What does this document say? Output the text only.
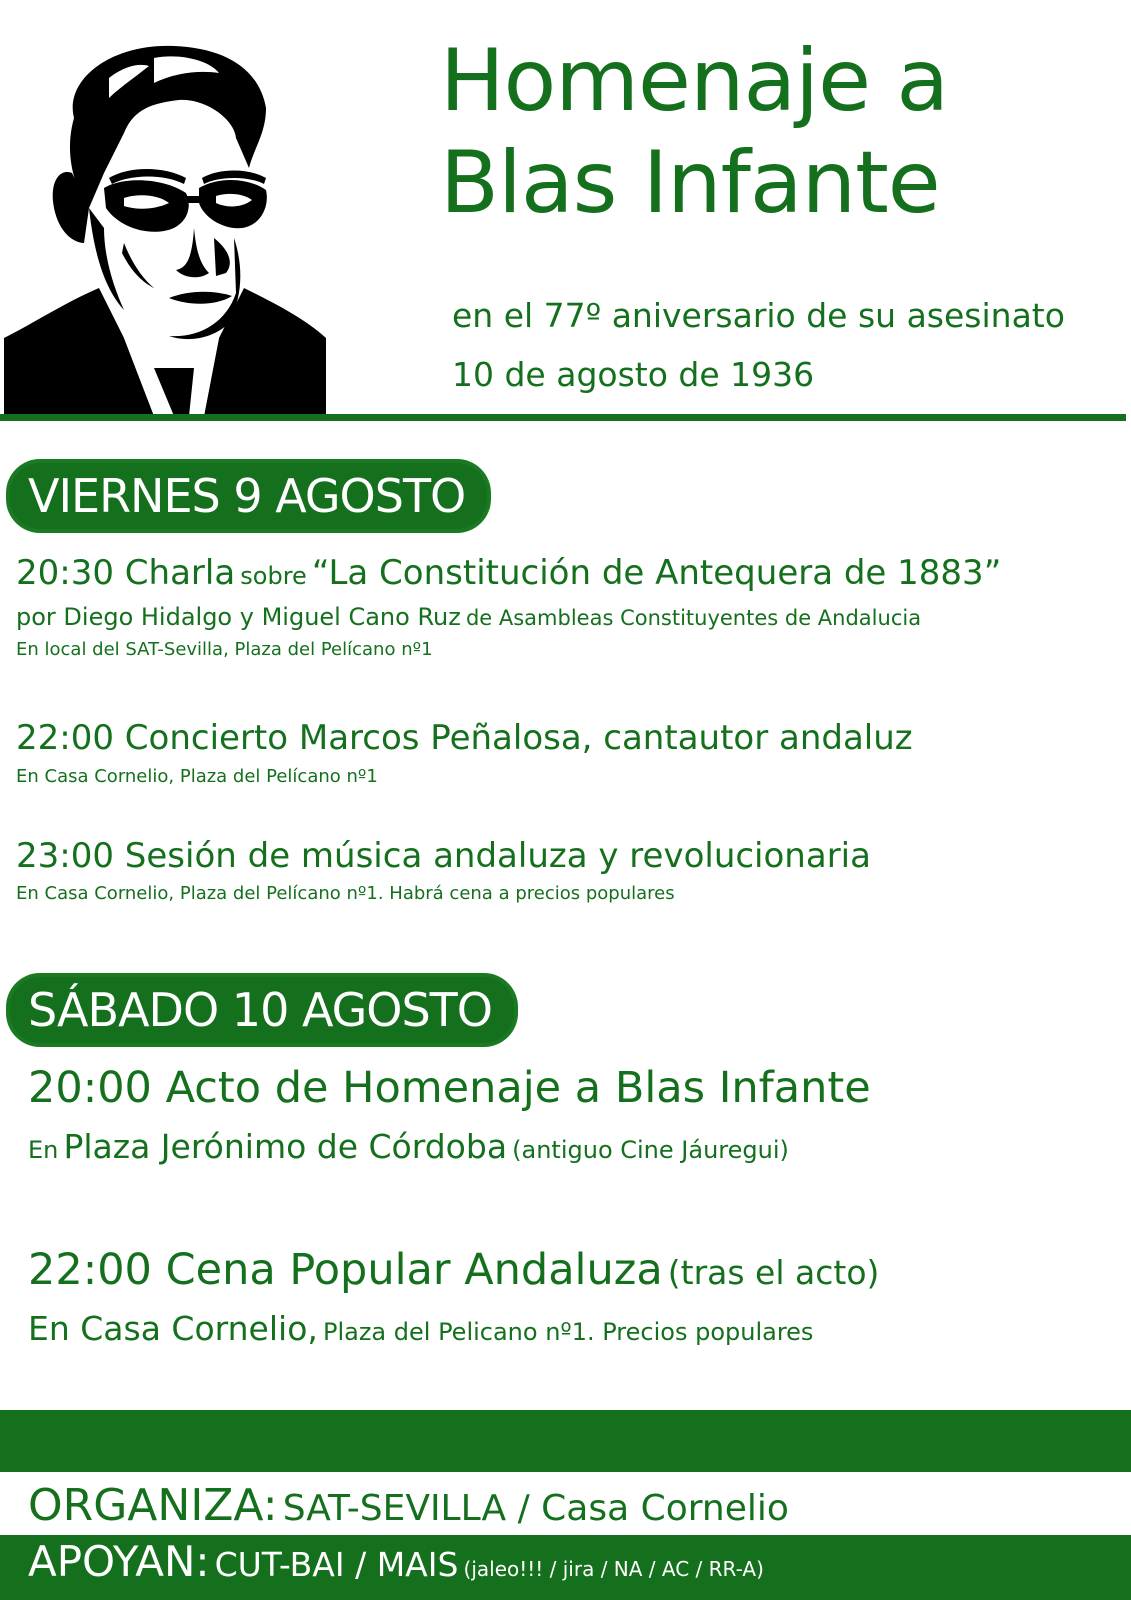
Homenaje a
Blas Infante
en el 77º aniversario de su asesinato
10 de agosto de 1936
VIERNES 9 AGOSTO
20:30 Charla sobre “La Constitución de Antequera de 1883”
por Diego Hidalgo y Miguel Cano Ruz de Asambleas Constituyentes de Andalucia
En local del SAT-Sevilla, Plaza del Pelícano nº1
22:00 Concierto Marcos Peñalosa, cantautor andaluz
En Casa Cornelio, Plaza del Pelícano nº1
23:00 Sesión de música andaluza y revolucionaria
En Casa Cornelio, Plaza del Pelícano nº1. Habrá cena a precios populares
SÁBADO 10 AGOSTO
20:00 Acto de Homenaje a Blas Infante
En Plaza Jerónimo de Córdoba (antiguo Cine Jáuregui)
22:00 Cena Popular Andaluza (tras el acto)
En Casa Cornelio, Plaza del Pelicano nº1. Precios populares
ORGANIZA: SAT-SEVILLA / Casa Cornelio
APOYAN: CUT-BAI / MAIS (jaleo!!! / jira / NA / AC / RR-A)
